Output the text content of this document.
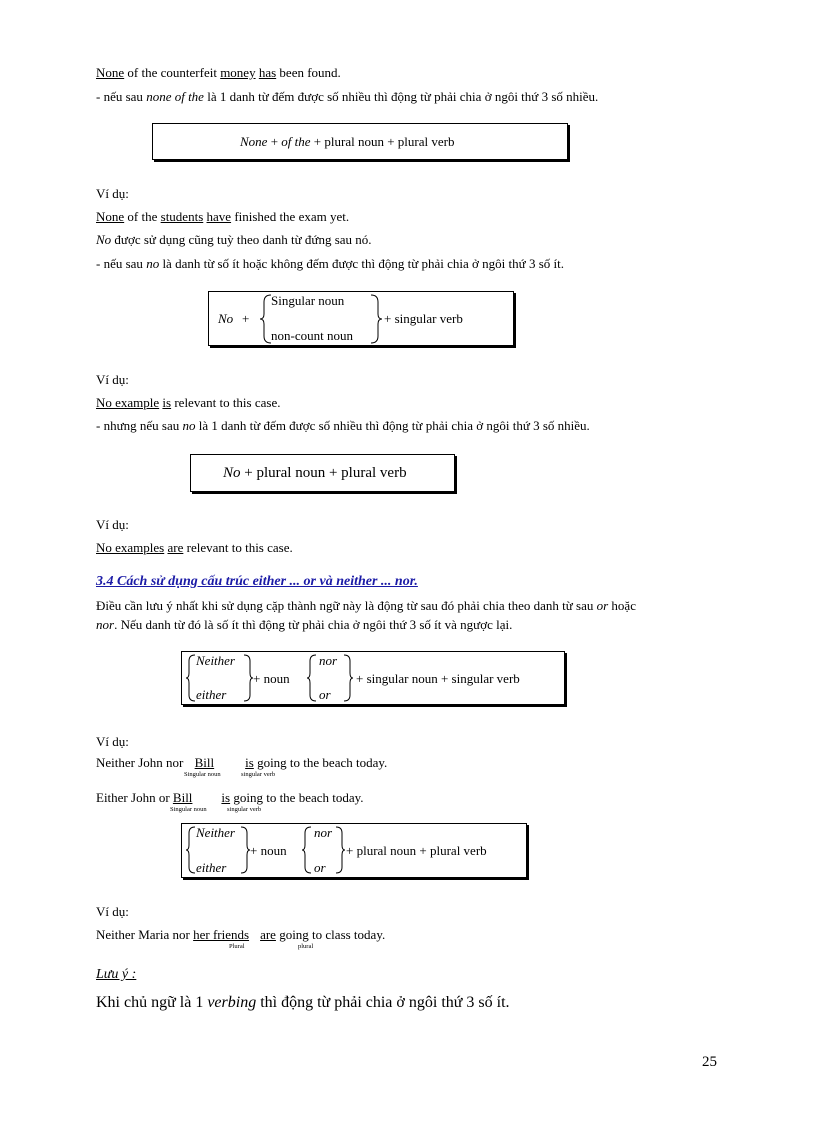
None of the counterfeit money has been found.
- nếu sau none of the là 1 danh từ đếm được số nhiều thì động từ phải chia ở ngôi thứ 3 số nhiều.
None + of the + plural noun + plural verb
Ví dụ:
None of the students have finished the exam yet.
No được sử dụng cũng tuỳ theo danh từ đứng sau nó.
- nếu sau no là danh từ số ít hoặc không đếm được thì động từ phải chia ở ngôi thứ 3 số ít.
No +
Singular noun
non-count noun
+ singular verb
Ví dụ:
No example is relevant to this case.
- nhưng nếu sau no là 1 danh từ đếm được số nhiều thì động từ phải chia ở ngôi thứ 3 số nhiều.
No + plural noun + plural verb
Ví dụ:
No examples are relevant to this case.
3.4 Cách sử dụng cấu trúc either ... or và neither ... nor.
Điều cần lưu ý nhất khi sử dụng cặp thành ngữ này là động từ sau đó phải chia theo danh từ sau or hoặc
nor. Nếu danh từ đó là số ít thì động từ phải chia ở ngôi thứ 3 số ít và ngược lại.
Neither
either
+ noun
nor
or
+ singular noun + singular verb
Ví dụ:
Neither John nor Bill is going to the beach today.
Singular noun	singular verb
Either John or Bill is going to the beach today.
Singular noun	singular verb
Neither
either
+ noun
nor
or
+ plural noun + plural verb
Ví dụ:
Neither Maria nor her friends are going to class today.
Plural	plural
Lưu ý :
Khi chủ ngữ là 1 verbing thì động từ phải chia ở ngôi thứ 3 số ít.
25
